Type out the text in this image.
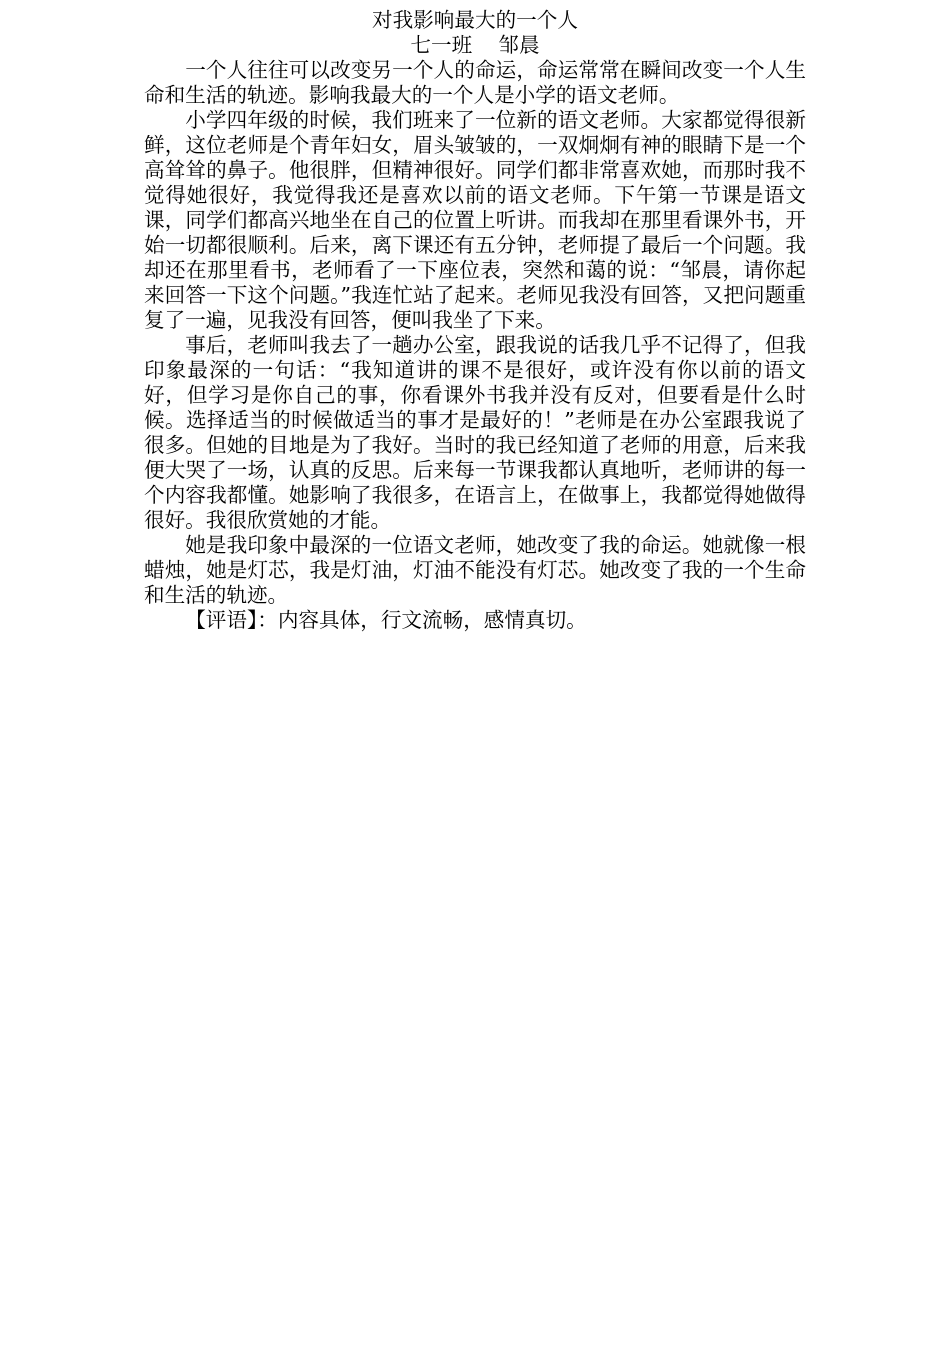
对我影响最大的一个人

七一班    邹晨

一个人往往可以改变另一个人的命运，命运常常在瞬间改变一个人生命和生活的轨迹。影响我最大的一个人是小学的语文老师。

小学四年级的时候，我们班来了一位新的语文老师。大家都觉得很新鲜，这位老师是个青年妇女，眉头皱皱的，一双炯炯有神的眼睛下是一个高耸耸的鼻子。他很胖，但精神很好。同学们都非常喜欢她，而那时我不觉得她很好，我觉得我还是喜欢以前的语文老师。下午第一节课是语文课，同学们都高兴地坐在自己的位置上听讲。而我却在那里看课外书，开始一切都很顺利。后来，离下课还有五分钟，老师提了最后一个问题。我却还在那里看书，老师看了一下座位表，突然和蔼的说：“邹晨，请你起来回答一下这个问题。”我连忙站了起来。老师见我没有回答，又把问题重复了一遍，见我没有回答，便叫我坐了下来。

事后，老师叫我去了一趟办公室，跟我说的话我几乎不记得了，但我印象最深的一句话：“我知道讲的课不是很好，或许没有你以前的语文好，但学习是你自己的事，你看课外书我并没有反对，但要看是什么时候。选择适当的时候做适当的事才是最好的！”老师是在办公室跟我说了很多。但她的目地是为了我好。当时的我已经知道了老师的用意，后来我便大哭了一场，认真的反思。后来每一节课我都认真地听，老师讲的每一个内容我都懂。她影响了我很多，在语言上，在做事上，我都觉得她做得很好。我很欣赏她的才能。

她是我印象中最深的一位语文老师，她改变了我的命运。她就像一根蜡烛，她是灯芯，我是灯油，灯油不能没有灯芯。她改变了我的一个生命和生活的轨迹。

【评语】：内容具体，行文流畅，感情真切。
